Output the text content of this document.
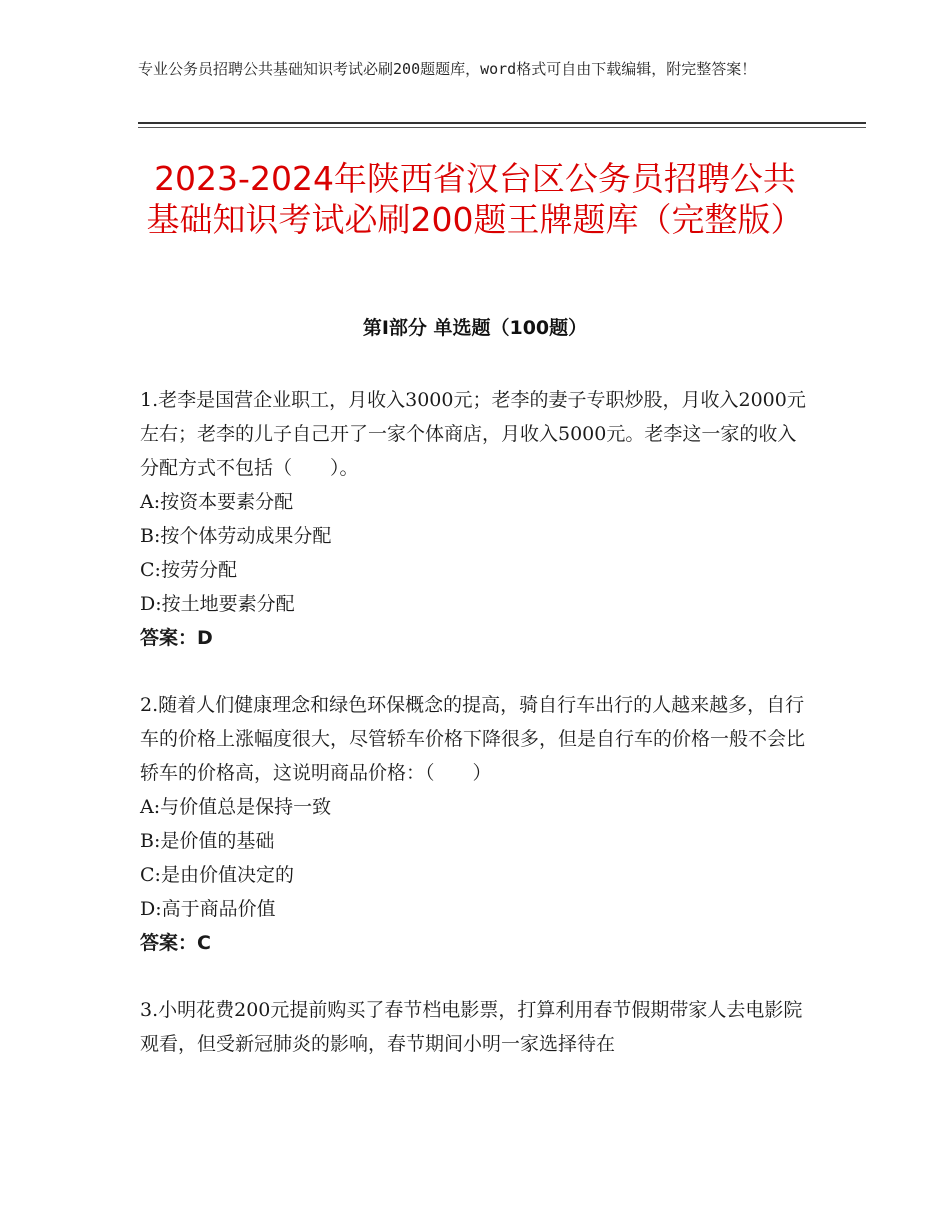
专业公务员招聘公共基础知识考试必刷200题题库，word格式可自由下载编辑，附完整答案！
2023-2024年陕西省汉台区公务员招聘公共基础知识考试必刷200题王牌题库（完整版）
第Ⅰ部分 单选题（100题）

1.老李是国营企业职工，月收入3000元；老李的妻子专职炒股，月收入2000元左右；老李的儿子自己开了一家个体商店，月收入5000元。老李这一家的收入分配方式不包括（　　）。

A:按资本要素分配

B:按个体劳动成果分配

C:按劳分配

D:按土地要素分配

答案：D

2.随着人们健康理念和绿色环保概念的提高，骑自行车出行的人越来越多，自行车的价格上涨幅度很大，尽管轿车价格下降很多，但是自行车的价格一般不会比轿车的价格高，这说明商品价格：（　　）

A:与价值总是保持一致

B:是价值的基础

C:是由价值决定的

D:高于商品价值

答案：C

3.小明花费200元提前购买了春节档电影票，打算利用春节假期带家人去电影院观看，但受新冠肺炎的影响，春节期间小明一家选择待在
